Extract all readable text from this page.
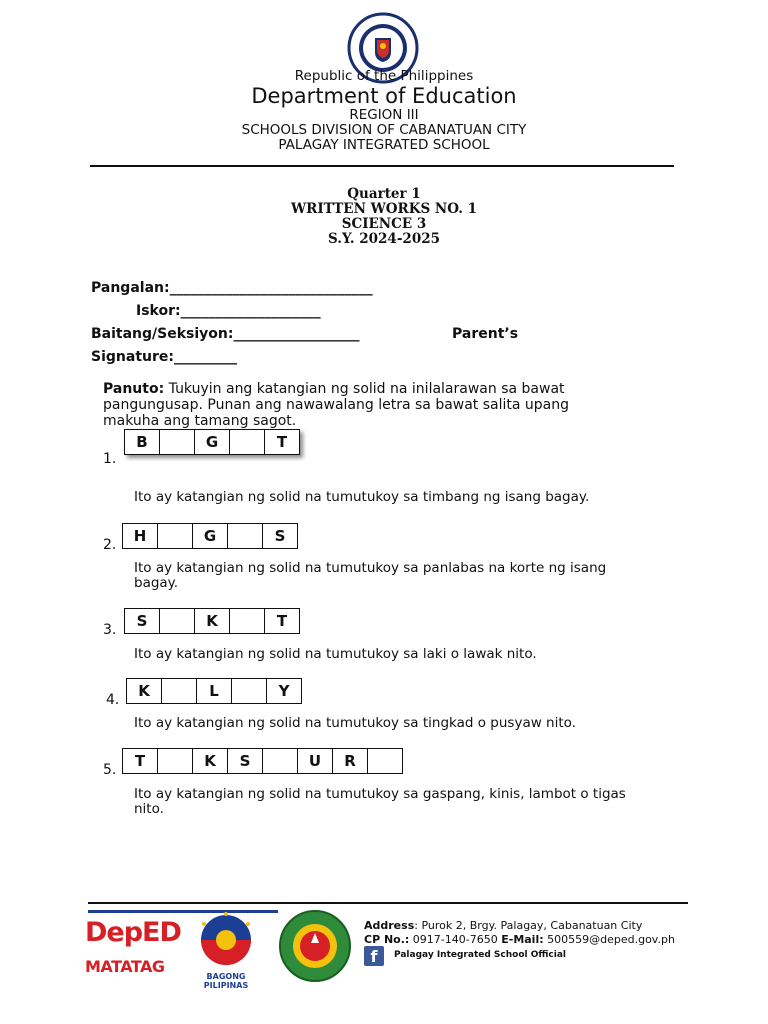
Republic of the Philippines
Department of Education
REGION III
SCHOOLS DIVISION OF CABANATUAN CITY
PALAGAY INTEGRATED SCHOOL
Quarter 1
WRITTEN WORKS NO. 1
SCIENCE 3
S.Y. 2024-2025
Pangalan:_____________________________
Iskor:____________________
Baitang/Seksiyon:__________________	Parent’s
Signature:_________
Panuto: Tukuyin ang katangian ng solid na inilalarawan sa bawat
pangungusap. Punan ang nawawalang letra sa bawat salita upang
makuha ang tamang sagot.
1.
B	G	T
Ito ay katangian ng solid na tumutukoy sa timbang ng isang bagay.
2.	H	G	S
Ito ay katangian ng solid na tumutukoy sa panlabas na korte ng isang bagay.
3.	S	K	T
Ito ay katangian ng solid na tumutukoy sa laki o lawak nito.
4.	K	L	Y
Ito ay katangian ng solid na tumutukoy sa tingkad o pusyaw nito.
5.	T	K	S	U	R
Ito ay katangian ng solid na tumutukoy sa gaspang, kinis, lambot o tigas nito.
DepED
MATATAG
BAGONG PILIPINAS
Address: Purok 2, Brgy. Palagay, Cabanatuan City
CP No.: 0917-140-7650 E-Mail: 500559@deped.gov.ph
f	Palagay Integrated School Official
